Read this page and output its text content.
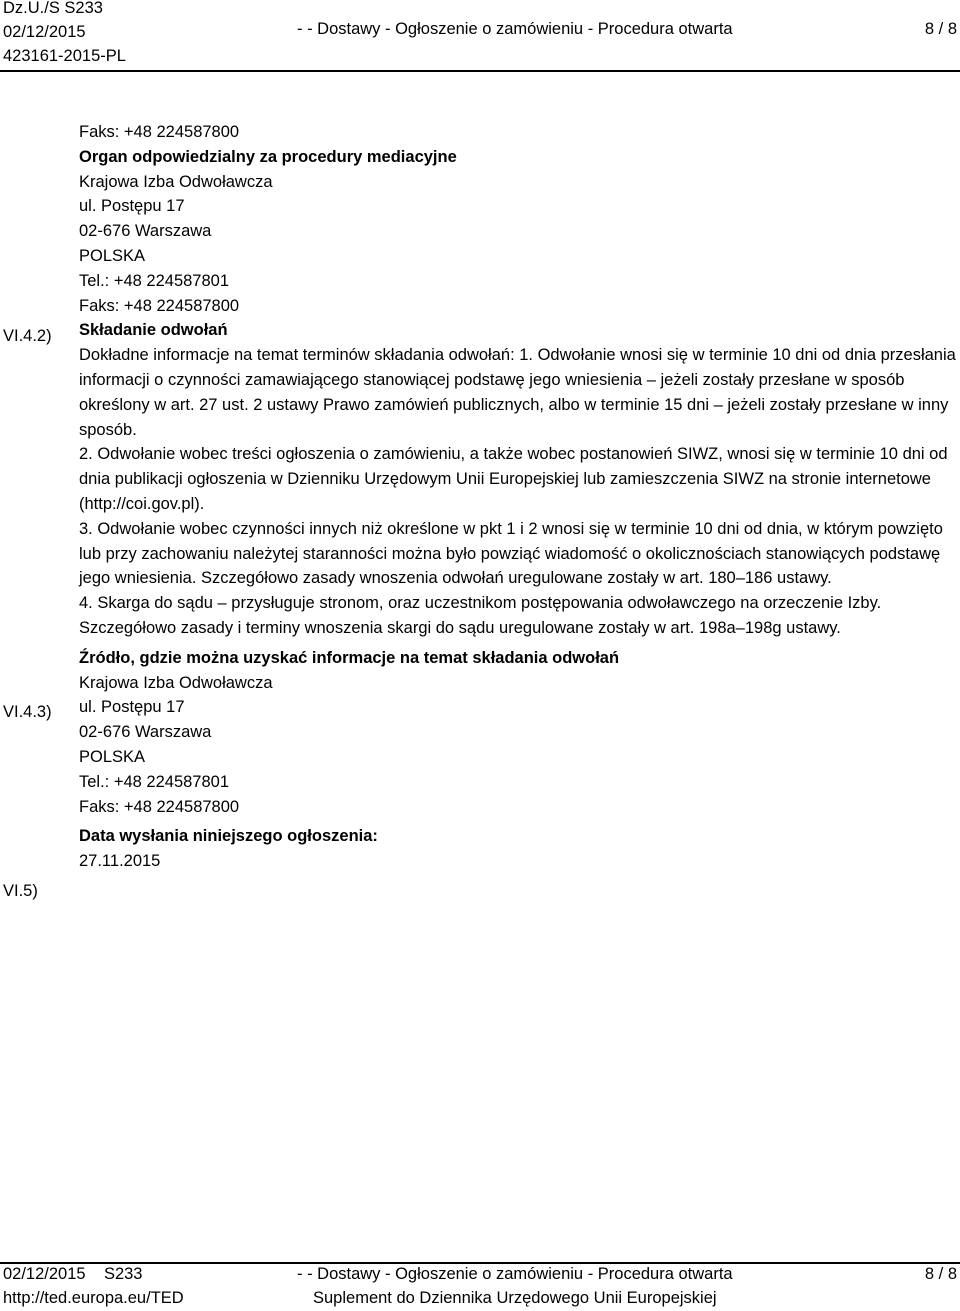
Dz.U./S S233
02/12/2015
423161-2015-PL
- - Dostawy - Ogłoszenie o zamówieniu - Procedura otwarta	8 / 8
VI.4.2)
VI.4.3)
VI.5)
Faks: +48 224587800
Organ odpowiedzialny za procedury mediacyjne
Krajowa Izba Odwoławcza
ul. Postępu 17
02-676 Warszawa
POLSKA
Tel.: +48 224587801
Faks: +48 224587800
Składanie odwołań

Dokładne informacje na temat terminów składania odwołań: 1. Odwołanie wnosi się w terminie 10 dni od dnia przesłania informacji o czynności zamawiającego stanowiącej podstawę jego wniesienia – jeżeli zostały przesłane w sposób określony w art. 27 ust. 2 ustawy Prawo zamówień publicznych, albo w terminie 15 dni – jeżeli zostały przesłane w inny sposób.

2. Odwołanie wobec treści ogłoszenia o zamówieniu, a także wobec postanowień SIWZ, wnosi się w terminie 10 dni od dnia publikacji ogłoszenia w Dzienniku Urzędowym Unii Europejskiej lub zamieszczenia SIWZ na stronie internetowe (http://coi.gov.pl).

3. Odwołanie wobec czynności innych niż określone w pkt 1 i 2 wnosi się w terminie 10 dni od dnia, w którym powzięto lub przy zachowaniu należytej staranności można było powziąć wiadomość o okolicznościach stanowiących podstawę jego wniesienia. Szczegółowo zasady wnoszenia odwołań uregulowane zostały w art. 180–186 ustawy.

4. Skarga do sądu – przysługuje stronom, oraz uczestnikom postępowania odwoławczego na orzeczenie Izby.

Szczegółowo zasady i terminy wnoszenia skargi do sądu uregulowane zostały w art. 198a–198g ustawy.

Źródło, gdzie można uzyskać informacje na temat składania odwołań
Krajowa Izba Odwoławcza
ul. Postępu 17
02-676 Warszawa
POLSKA
Tel.: +48 224587801
Faks: +48 224587800
Data wysłania niniejszego ogłoszenia:
27.11.2015
02/12/2015 S233
http://ted.europa.eu/TED
- - Dostawy - Ogłoszenie o zamówieniu - Procedura otwarta
Suplement do Dziennika Urzędowego Unii Europejskiej
8 / 8
